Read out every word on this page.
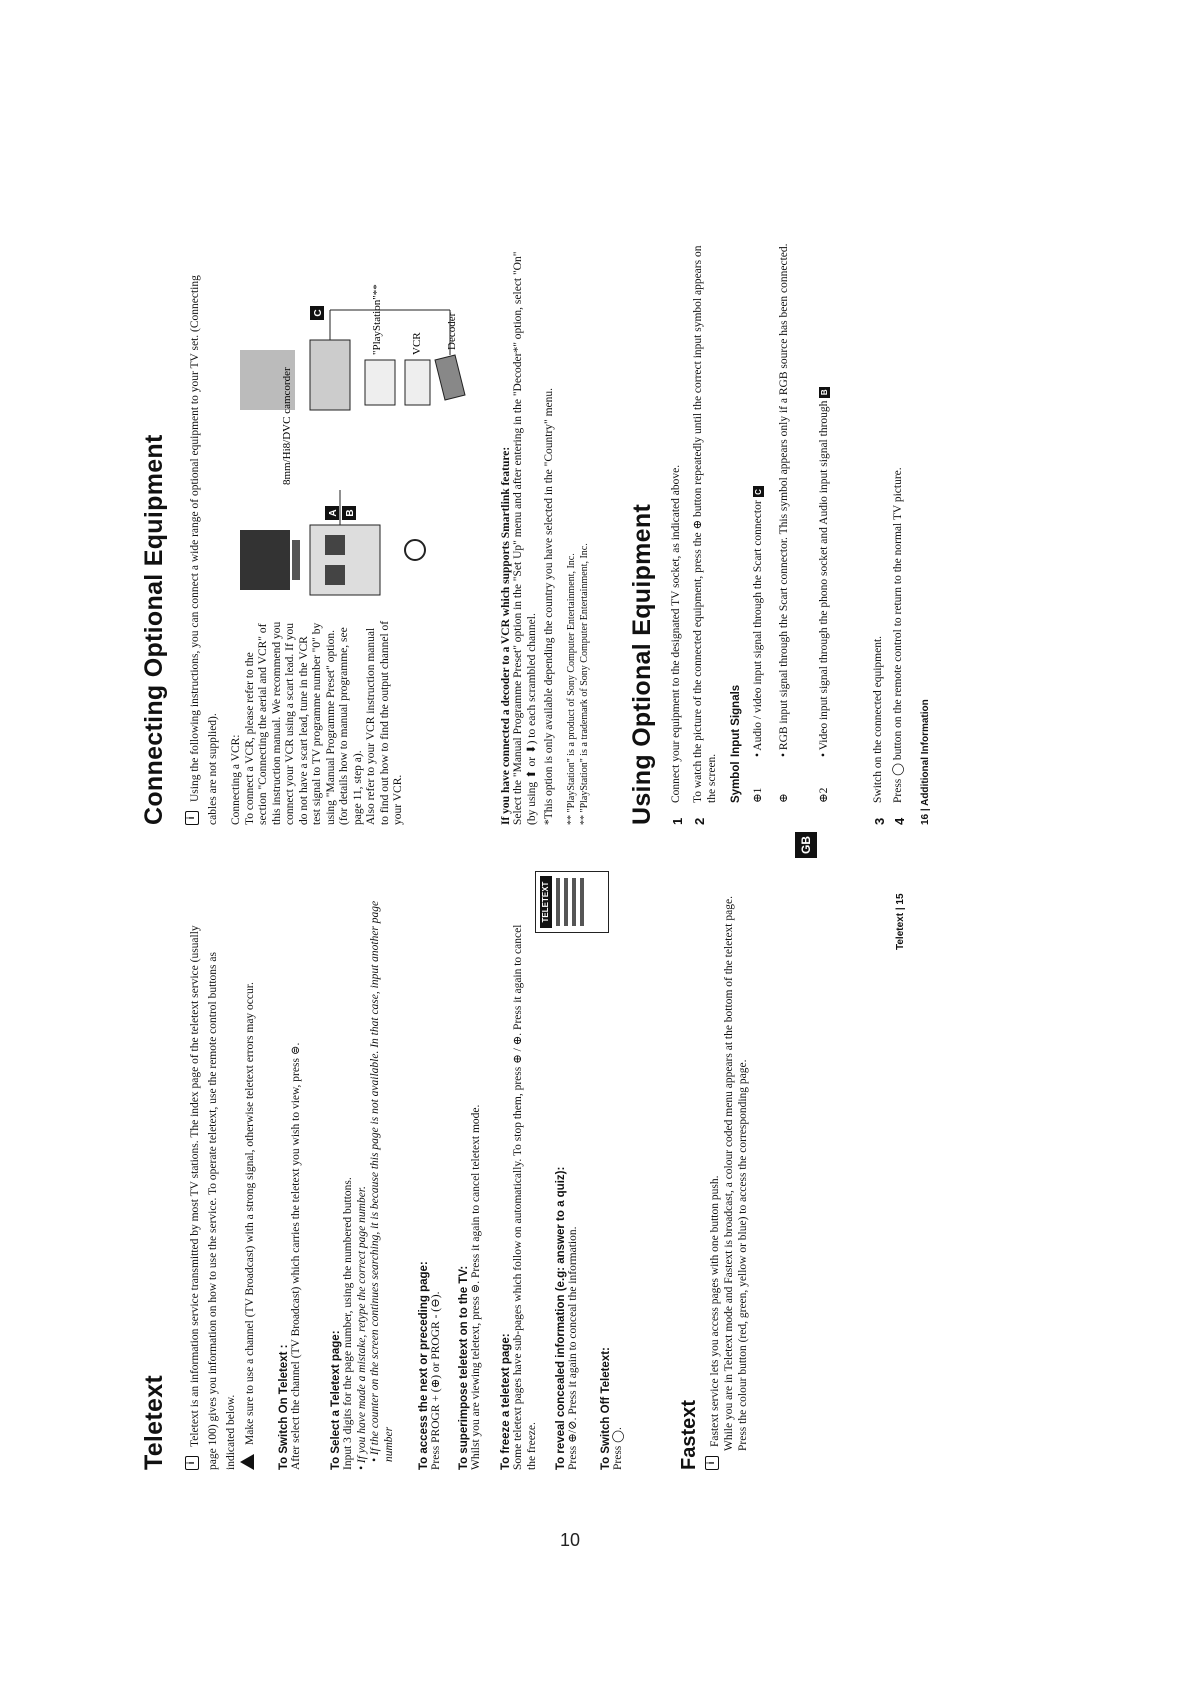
10
Teletext i

Teletext is an information service transmitted by most TV stations. The index page of the teletext service (usually page 100) gives you information on how to use the service. To operate teletext, use the remote control buttons as indicated below.

Make sure to use a channel (TV Broadcast) with a strong signal, otherwise teletext errors may occur. To Switch On Teletext : After select the channel (TV Broadcast) which carries the teletext you wish to view, press ⊜.

TELETEXT

To Select a Teletext page: Input 3 digits for the page number, using the numbered buttons. • If you have made a mistake, retype the correct page number. • If the counter on the screen continues searching, it is because this page is not available. In that case, input another page number To access the next or preceding page: Press PROGR + (⊕) or PROGR - (⊖). To superimpose teletext on to the TV: Whilst you are viewing teletext, press ⊜. Press it again to cancel teletext mode. To freeze a teletext page: Some teletext pages have sub-pages which follow on automatically. To stop them, press ⊕ / ⊕. Press it again to cancel the freeze. To reveal concealed information (e.g: answer to a quiz): Press ⊕/⊘. Press it again to conceal the information. To Switch Off Teletext: Press ◯.	Fastext i

Fastext service lets you access pages with one button push. While you are in Teletext mode and Fastext is broadcast, a colour coded menu appears at the bottom of the teletext page. Press the colour button (red, green, yellow or blue) to access the corresponding page.

Teletext | 15
GB
Connecting Optional Equipment i

Using the following instructions, you can connect a wide range of optional equipment to your TV set. (Connecting cables are not supplied). Connecting a VCR: To connect a VCR, please refer to the section "Connecting the aerial and VCR" of this instruction manual. We recommend you connect your VCR using a scart lead. If you do not have a scart lead, tune in the VCR test signal to TV programme number "0" by using "Manual Programme Preset" option. (for details how to manual programme, see page 11, step a). Also refer to your VCR instruction manual to find out how to find the output channel of your VCR.

C
A B
8mm/Hi8/DVC camcorder
"PlayStation"**	VCR Decoder

If you have connected a decoder to a VCR which supports Smartlink feature: Select the "Manual Programme Preset" option in the "Set Up" menu and after entering in the "Decoder*" option, select "On" (by using ⬆ or ⬇) to each scrambled channel. *This option is only available depending the country you have selected in the "Country" menu. ** "PlayStation" is a product of Sony Computer Entertainment, Inc. ** "PlayStation" is a trademark of Sony Computer Entertainment, Inc. Using Optional Equipment 1

Connect your equipment to the designated TV socket, as indicated above.

2

To watch the picture of the connected equipment, press the ⊕ button repeatedly until the correct input symbol appears on the screen. Symbol
Input Signals
⊕1
• Audio / video input signal through the Scart connector C
⊕
• RGB input signal through the Scart connector. This symbol appears only if a RGB source has been connected.
⊕2
• Video input signal through the phono socket and Audio input signal through B
3

Switch on the connected equipment.

4

Press ◯ button on the remote control to return to the normal TV picture. 16 | Additional Information
